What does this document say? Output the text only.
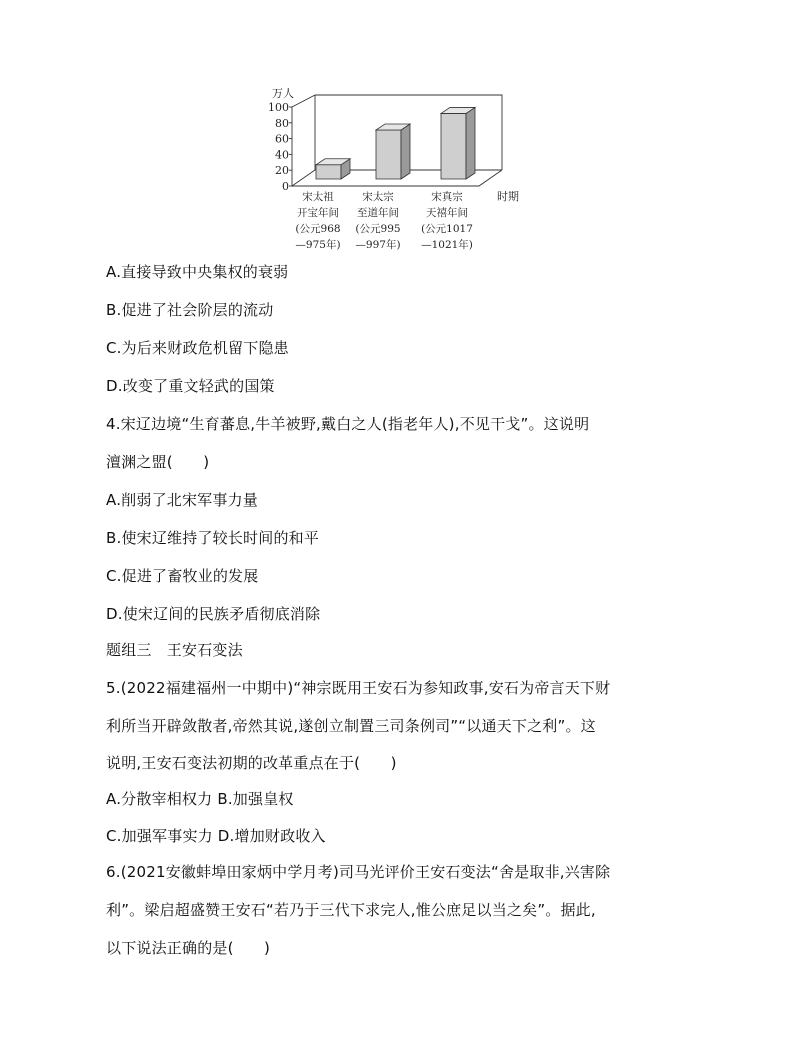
万人
100
80
60
40
20
0
时期
宋太祖
开宝年间
(公元968
—975年)
宋太宗
至道年间
(公元995
—997年)
宋真宗
天禧年间
(公元1017
—1021年)
A.直接导致中央集权的衰弱
B.促进了社会阶层的流动
C.为后来财政危机留下隐患
D.改变了重文轻武的国策
4.宋辽边境“生育蕃息,牛羊被野,戴白之人(指老年人),不见干戈”。这说明
澶渊之盟(　　)
A.削弱了北宋军事力量
B.使宋辽维持了较长时间的和平
C.促进了畜牧业的发展
D.使宋辽间的民族矛盾彻底消除
题组三　王安石变法
5.(2022福建福州一中期中)“神宗既用王安石为参知政事,安石为帝言天下财
利所当开辟敛散者,帝然其说,遂创立制置三司条例司”“以通天下之利”。这
说明,王安石变法初期的改革重点在于(　　)
A.分散宰相权力 B.加强皇权
C.加强军事实力 D.增加财政收入
6.(2021安徽蚌埠田家炳中学月考)司马光评价王安石变法“舍是取非,兴害除
利”。梁启超盛赞王安石“若乃于三代下求完人,惟公庶足以当之矣”。据此,
以下说法正确的是(　　)
